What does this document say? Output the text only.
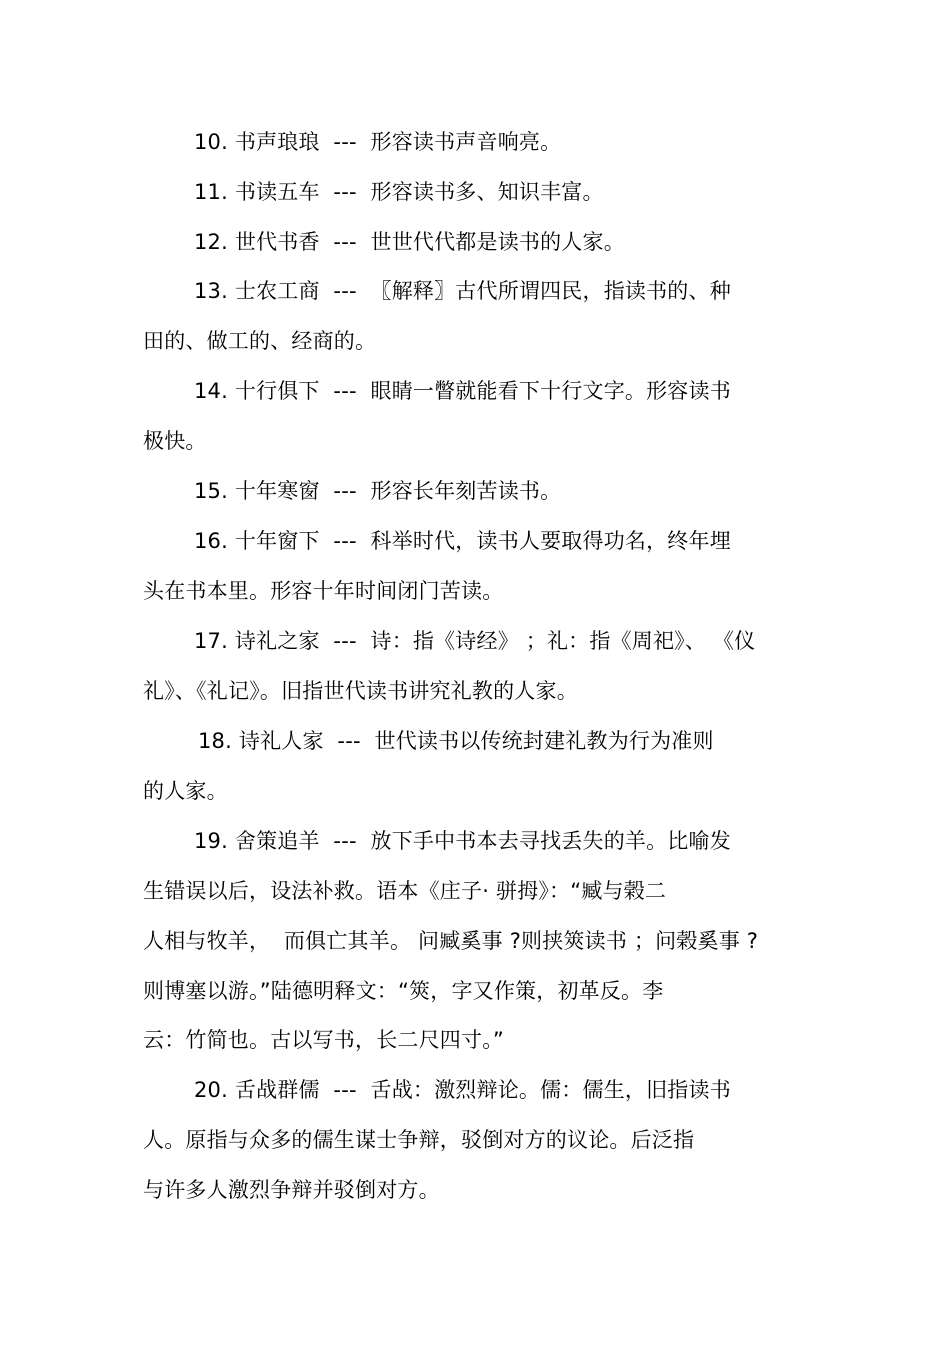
10. 书声琅琅  ---  形容读书声音响亮。

11. 书读五车  ---  形容读书多、知识丰富。

12. 世代书香  ---  世世代代都是读书的人家。

13. 士农工商  ---  〖解释〗古代所谓四民，指读书的、种

田的、做工的、经商的。

14. 十行俱下  ---  眼睛一瞥就能看下十行文字。形容读书

极快。

15. 十年寒窗  ---  形容长年刻苦读书。

16. 十年窗下  ---  科举时代，读书人要取得功名，终年埋

头在书本里。形容十年时间闭门苦读。

17. 诗礼之家  ---  诗：指《诗经》 ；礼：指《周祀》、 《仪

礼》、《礼记》。旧指世代读书讲究礼教的人家。

18. 诗礼人家  ---  世代读书以传统封建礼教为行为准则

的人家。

19. 舍策追羊  ---  放下手中书本去寻找丢失的羊。比喻发

生错误以后，设法补救。语本《庄子· 骈拇》：“臧与榖二

人相与牧羊，  而俱亡其羊。 问臧奚事 ?则挟筴读书 ；问榖奚事 ?

则博塞以游。”陆德明释文：“筴，字又作策，初革反。李

云：竹简也。古以写书，长二尺四寸。”

20. 舌战群儒  ---  舌战：激烈辩论。儒：儒生，旧指读书

人。原指与众多的儒生谋士争辩，驳倒对方的议论。后泛指

与许多人激烈争辩并驳倒对方。
